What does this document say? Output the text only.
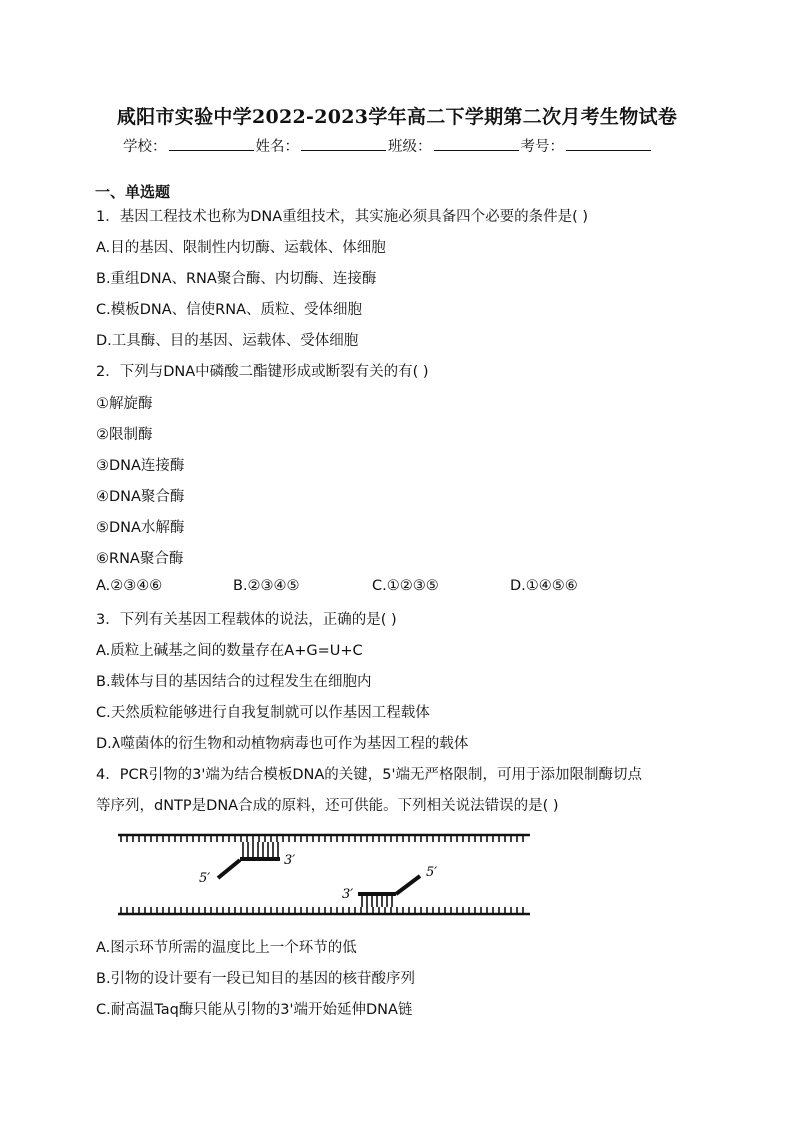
咸阳市实验中学2022-2023学年高二下学期第二次月考生物试卷
学校：	姓名：	班级：	考号：
一、单选题
1．基因工程技术也称为DNA重组技术，其实施必须具备四个必要的条件是( )
A.目的基因、限制性内切酶、运载体、体细胞
B.重组DNA、RNA聚合酶、内切酶、连接酶
C.模板DNA、信使RNA、质粒、受体细胞
D.工具酶、目的基因、运载体、受体细胞
2．下列与DNA中磷酸二酯键形成或断裂有关的有( )
①解旋酶
②限制酶
③DNA连接酶
④DNA聚合酶
⑤DNA水解酶
⑥RNA聚合酶
A.②③④⑥	B.②③④⑤	C.①②③⑤	D.①④⑤⑥
3．下列有关基因工程载体的说法，正确的是( )
A.质粒上碱基之间的数量存在A+G=U+C
B.载体与目的基因结合的过程发生在细胞内
C.天然质粒能够进行自我复制就可以作基因工程载体
D.λ噬菌体的衍生物和动植物病毒也可作为基因工程的载体
4．PCR引物的3'端为结合模板DNA的关键，5'端无严格限制，可用于添加限制酶切点
等序列，dNTP是DNA合成的原料，还可供能。下列相关说法错误的是( )
5′
3′
3′
5′
A.图示环节所需的温度比上一个环节的低
B.引物的设计要有一段已知目的基因的核苷酸序列
C.耐高温Taq酶只能从引物的3'端开始延伸DNA链
